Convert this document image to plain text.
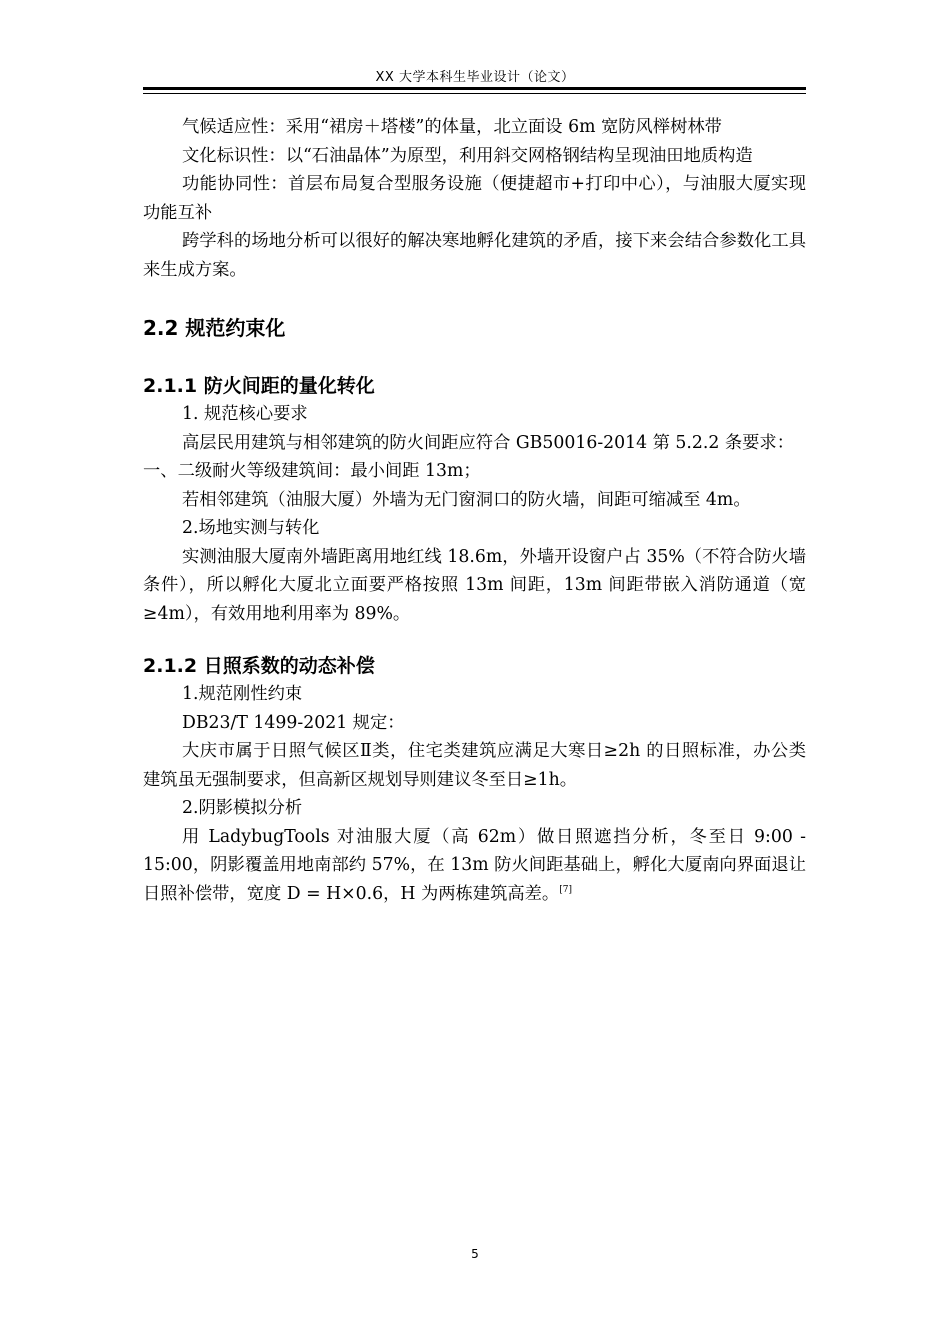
XX 大学本科生毕业设计（论文）

气候适应性：采用“裙房＋塔楼”的体量，北立面设 6m 宽防风榉树林带

文化标识性：以“石油晶体”为原型，利用斜交网格钢结构呈现油田地质构造

功能协同性：首层布局复合型服务设施（便捷超市+打印中心），与油服大厦实现功能互补

跨学科的场地分析可以很好的解决寒地孵化建筑的矛盾，接下来会结合参数化工具来生成方案。

2.2 规范约束化
2.1.1 防火间距的量化转化

1. 规范核心要求

高层民用建筑与相邻建筑的防火间距应符合 GB50016-2014 第 5.2.2 条要求：

一、二级耐火等级建筑间：最小间距 13m；

若相邻建筑（油服大厦）外墙为无门窗洞口的防火墙，间距可缩减至 4m。

2.场地实测与转化

实测油服大厦南外墙距离用地红线 18.6m，外墙开设窗户占 35%（不符合防火墙条件），所以孵化大厦北立面要严格按照 13m 间距，13m 间距带嵌入消防通道（宽≥4m），有效用地利用率为 89%。

2.1.2 日照系数的动态补偿

1.规范刚性约束

DB23/T 1499-2021 规定：

大庆市属于日照气候区Ⅱ类，住宅类建筑应满足大寒日≥2h 的日照标准，办公类建筑虽无强制要求，但高新区规划导则建议冬至日≥1h。

2.阴影模拟分析

用 LadybugTools 对油服大厦（高 62m）做日照遮挡分析，冬至日 9:00 - 15:00，阴影覆盖用地南部约 57%，在 13m 防火间距基础上，孵化大厦南向界面退让日照补偿带，宽度 D = H×0.6，H 为两栋建筑高差。[7]

5
